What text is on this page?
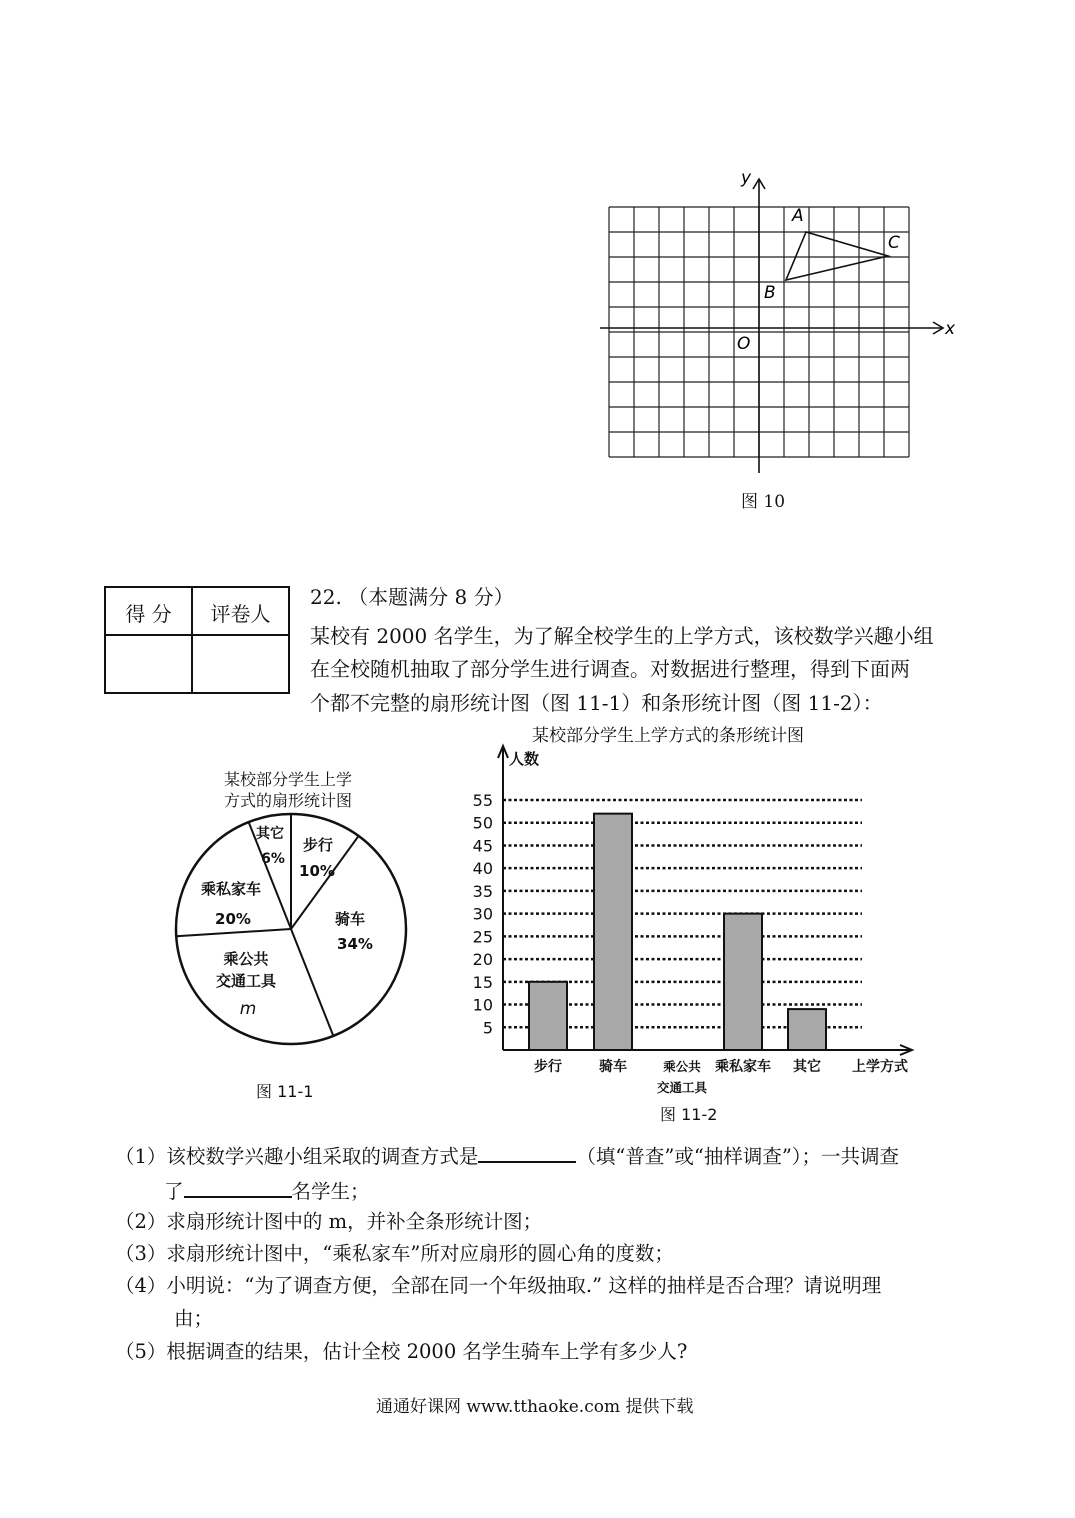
x
y
O
A
B
C
图 10
得 分	评卷人
22. （本题满分 8 分）
某校有 2000 名学生，为了解全校学生的上学方式，该校数学兴趣小组
在全校随机抽取了部分学生进行调查。对数据进行整理，得到下面两
个都不完整的扇形统计图（图 11-1）和条形统计图（图 11-2）：
某校部分学生上学
方式的扇形统计图
步行
10%
骑车
34%
乘公共
交通工具
m
乘私家车
20%
其它
6%
图 11-1
某校部分学生上学方式的条形统计图
人数
上学方式
5
10
15
20
25
30
35
40
45
50
55
步行	骑车	乘公共
交通工具
乘私家车 其它
图 11-2
（1）该校数学兴趣小组采取的调查方式是	（填“普查”或“抽样调查”）；一共调查
了	名学生；
（2）求扇形统计图中的 m，并补全条形统计图；
（3）求扇形统计图中，“乘私家车”所对应扇形的圆心角的度数；
（4）小明说：“为了调查方便，全部在同一个年级抽取.” 这样的抽样是否合理？请说明理
由；
（5）根据调查的结果，估计全校 2000 名学生骑车上学有多少人?
通通好课网 www.tthaoke.com 提供下载
